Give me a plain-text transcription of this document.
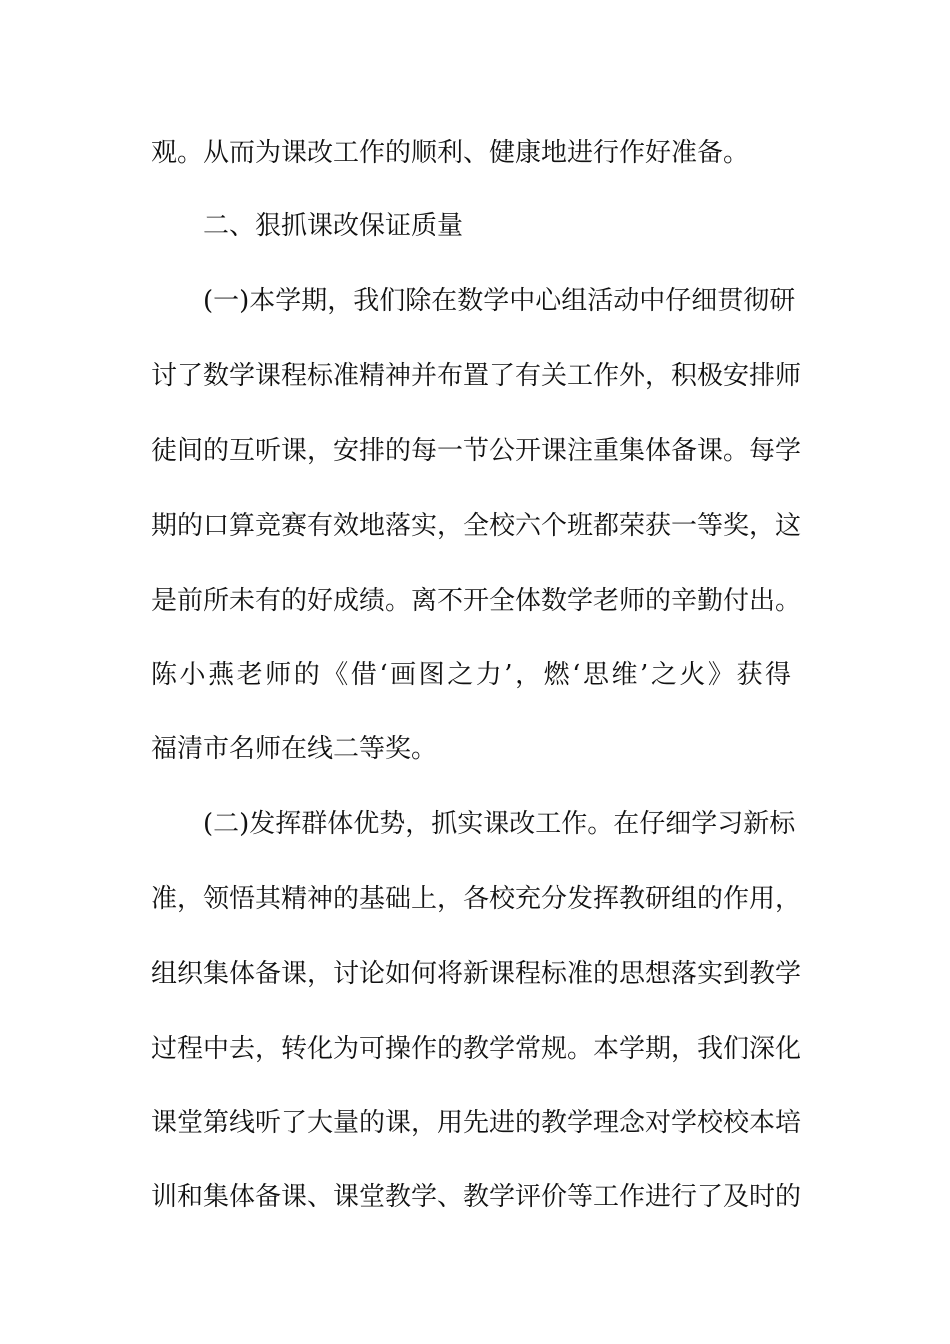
观。从而为课改工作的顺利、健康地进行作好准备。
二、狠抓课改保证质量
(一)本学期，我们除在数学中心组活动中仔细贯彻研
讨了数学课程标准精神并布置了有关工作外，积极安排师
徒间的互听课，安排的每一节公开课注重集体备课。每学
期的口算竞赛有效地落实，全校六个班都荣获一等奖，这
是前所未有的好成绩。离不开全体数学老师的辛勤付出。
陈小燕老师的《借‘画图之力’，燃‘思维’之火》获得
福清市名师在线二等奖。
(二)发挥群体优势，抓实课改工作。在仔细学习新标
准，领悟其精神的基础上，各校充分发挥教研组的作用，
组织集体备课，讨论如何将新课程标准的思想落实到教学
过程中去，转化为可操作的教学常规。本学期，我们深化
课堂第线听了大量的课，用先进的教学理念对学校校本培
训和集体备课、课堂教学、教学评价等工作进行了及时的
